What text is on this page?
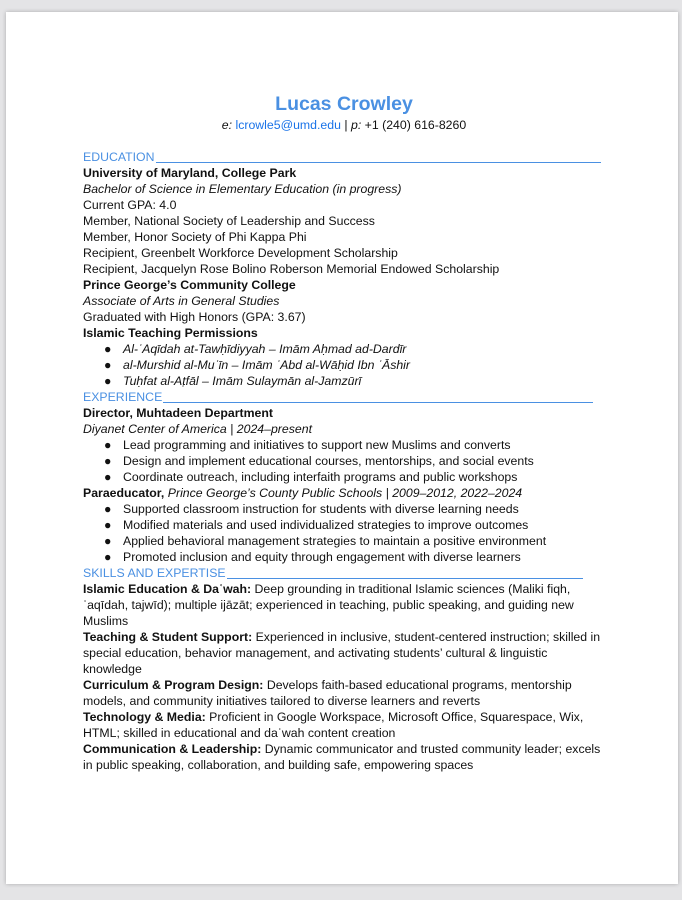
Lucas Crowley
e: lcrowle5@umd.edu | p: +1 (240) 616-8260
EDUCATION
University of Maryland, College Park
Bachelor of Science in Elementary Education (in progress)
Current GPA: 4.0
Member, National Society of Leadership and Success
Member, Honor Society of Phi Kappa Phi
Recipient, Greenbelt Workforce Development Scholarship
Recipient, Jacquelyn Rose Bolino Roberson Memorial Endowed Scholarship
Prince George’s Community College
Associate of Arts in General Studies
Graduated with High Honors (GPA: 3.67)
Islamic Teaching Permissions
● Al-ʿAqīdah at-Tawḥīdiyyah – Imām Aḥmad ad-Dardīr
● al-Murshid al-Muʿīn – Imām ʿAbd al-Wāḥid Ibn ʿĀshir
● Tuḥfat al-Aṭfāl – Imām Sulaymān al-Jamzūrī
EXPERIENCE
Director, Muhtadeen Department
Diyanet Center of America | 2024–present
● Lead programming and initiatives to support new Muslims and converts
● Design and implement educational courses, mentorships, and social events
● Coordinate outreach, including interfaith programs and public workshops
Paraeducator, Prince George’s County Public Schools | 2009–2012, 2022–2024
● Supported classroom instruction for students with diverse learning needs
● Modified materials and used individualized strategies to improve outcomes
● Applied behavioral management strategies to maintain a positive environment
● Promoted inclusion and equity through engagement with diverse learners
SKILLS AND EXPERTISE
Islamic Education & Daʿwah: Deep grounding in traditional Islamic sciences (Maliki fiqh, ʿaqīdah, tajwīd); multiple ijāzāt; experienced in teaching, public speaking, and guiding new Muslims
Teaching & Student Support: Experienced in inclusive, student-centered instruction; skilled in special education, behavior management, and activating students’ cultural & linguistic knowledge
Curriculum & Program Design: Develops faith-based educational programs, mentorship models, and community initiatives tailored to diverse learners and reverts
Technology & Media: Proficient in Google Workspace, Microsoft Office, Squarespace, Wix, HTML; skilled in educational and daʿwah content creation
Communication & Leadership: Dynamic communicator and trusted community leader; excels in public speaking, collaboration, and building safe, empowering spaces
